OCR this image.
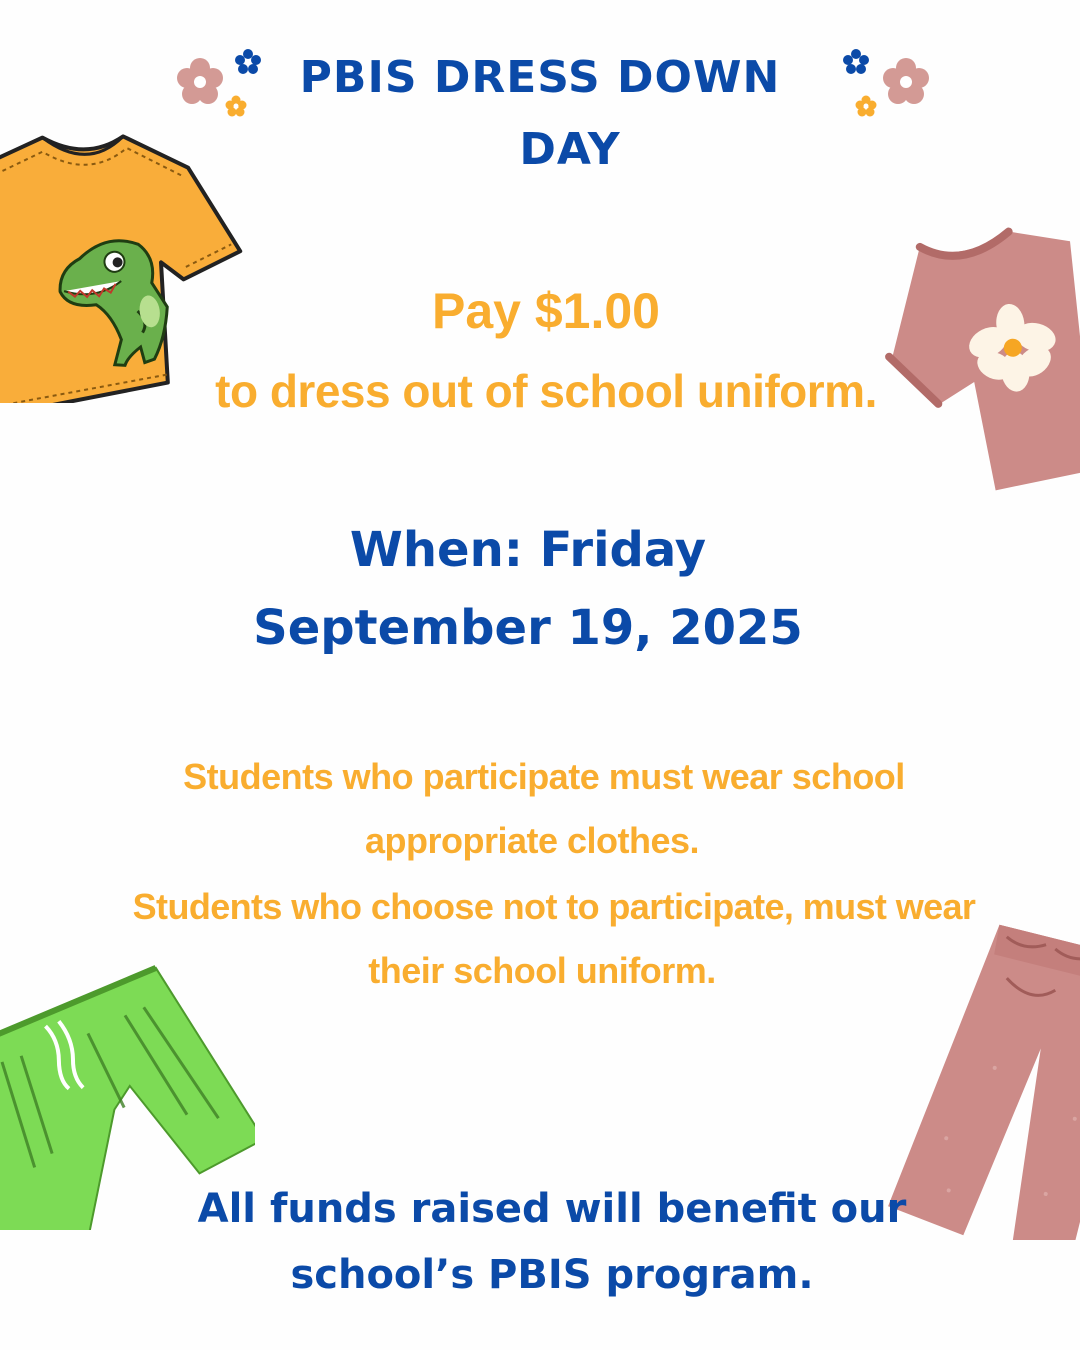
PBIS DRESS DOWN

DAY

Pay $1.00

to dress out of school uniform.

When: Friday

September 19, 2025

Students who participate must wear school

appropriate clothes.

Students who choose not to participate, must wear

their school uniform.

All funds raised will benefit our

school’s PBIS program.
